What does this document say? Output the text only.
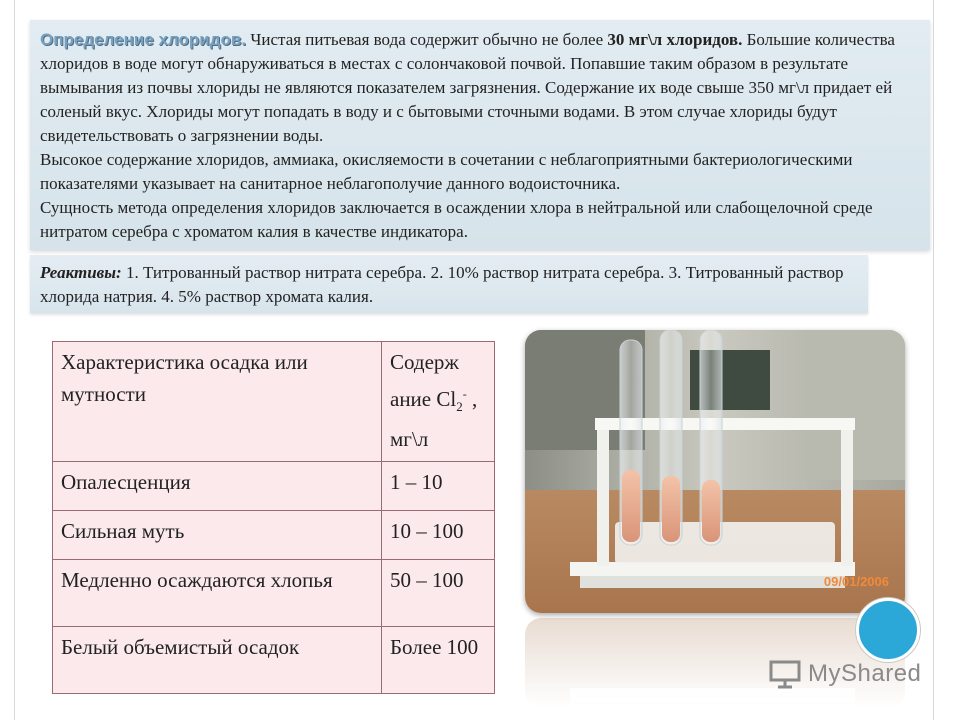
Определение хлоридов. Чистая питьевая вода содержит обычно не более 30 мг\л хлоридов. Большие количества хлоридов в воде могут обнаруживаться в местах с солончаковой почвой. Попавшие таким образом в результате вымывания из почвы хлориды не являются показателем загрязнения. Содержание их воде свыше 350 мг\л придает ей соленый вкус. Хлориды могут попадать в воду и с бытовыми сточными водами. В этом случае хлориды будут свидетельствовать о загрязнении воды.
Высокое содержание хлоридов, аммиака, окисляемости в сочетании с неблагоприятными бактериологическими показателями указывает на санитарное неблагополучие данного водоисточника.
Сущность метода определения хлоридов заключается в осаждении хлора в нейтральной или слабощелочной среде нитратом серебра с хроматом калия в качестве индикатора.
Реактивы: 1. Титрованный раствор нитрата серебра. 2. 10% раствор нитрата серебра. 3. Титрованный раствор хлорида натрия. 4. 5% раствор хромата калия.
Характеристика осадка или мутности	Содерж ание $Cl_2^-$ , мг\л
Опалесценция	1 – 10
Сильная муть	10 – 100
Медленно осаждаются хлопья	50 – 100
Белый объемистый осадок	Более 100
09/01/2006
MyShared
